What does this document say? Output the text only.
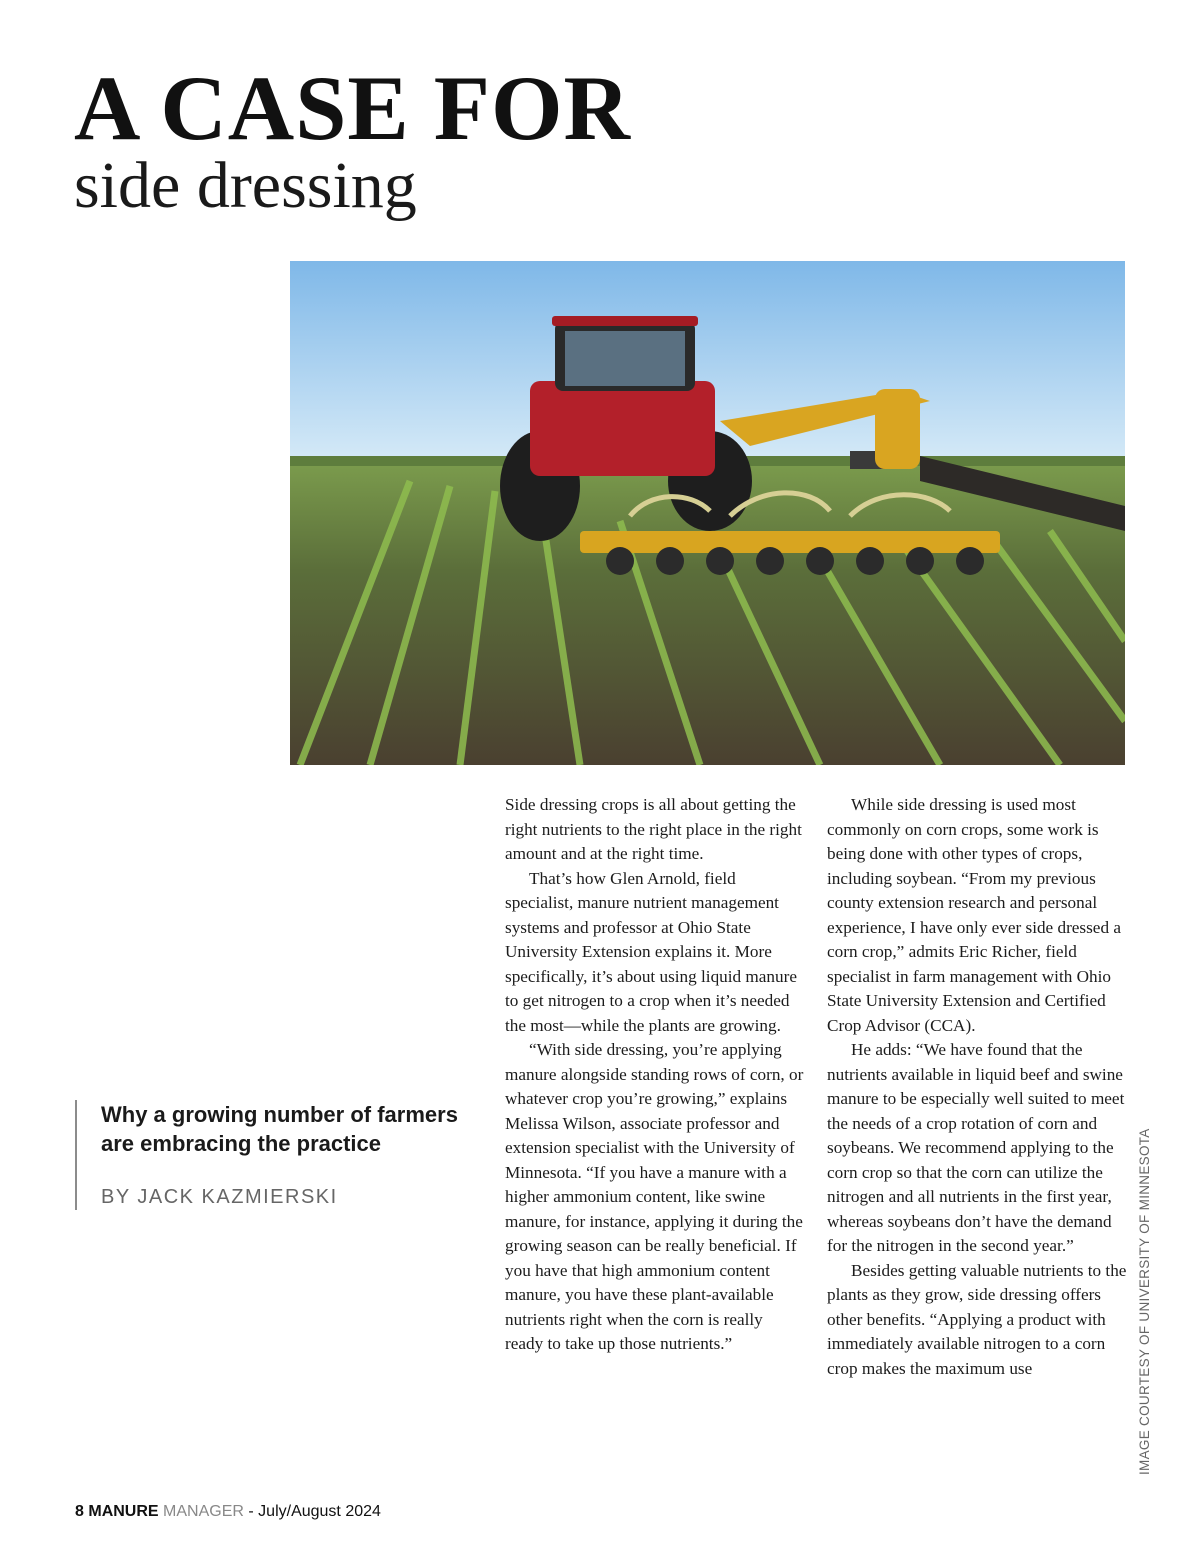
A CASE FOR
side dressing

Why a growing number of farmers are embracing the practice

BY JACK KAZMIERSKI

Side dressing crops is all about getting the right nutrients to the right place in the right amount and at the right time.

That’s how Glen Arnold, field specialist, manure nutrient management systems and professor at Ohio State University Extension explains it. More specifically, it’s about using liquid manure to get nitrogen to a crop when it’s needed the most—while the plants are growing.

“With side dressing, you’re applying manure alongside standing rows of corn, or whatever crop you’re growing,” explains Melissa Wilson, associate professor and extension specialist with the University of Minnesota. “If you have a manure with a higher ammonium content, like swine manure, for instance, applying it during the growing season can be really beneficial. If you have that high ammonium content manure, you have these plant-available nutrients right when the corn is really ready to take up those nutrients.”

While side dressing is used most commonly on corn crops, some work is being done with other types of crops, including soybean. “From my previous county extension research and personal experience, I have only ever side dressed a corn crop,” admits Eric Richer, field specialist in farm management with Ohio State University Extension and Certified Crop Advisor (CCA).

He adds: “We have found that the nutrients available in liquid beef and swine manure to be especially well suited to meet the needs of a crop rotation of corn and soybeans. We recommend applying to the corn crop so that the corn can utilize the nitrogen and all nutrients in the first year, whereas soybeans don’t have the demand for the nitrogen in the second year.”

Besides getting valuable nutrients to the plants as they grow, side dressing offers other benefits. “Applying a product with immediately available nitrogen to a corn crop makes the maximum use	IMAGE COURTESY OF UNIVERSITY OF MINNESOTA
8 MANURE MANAGER - July/August 2024
